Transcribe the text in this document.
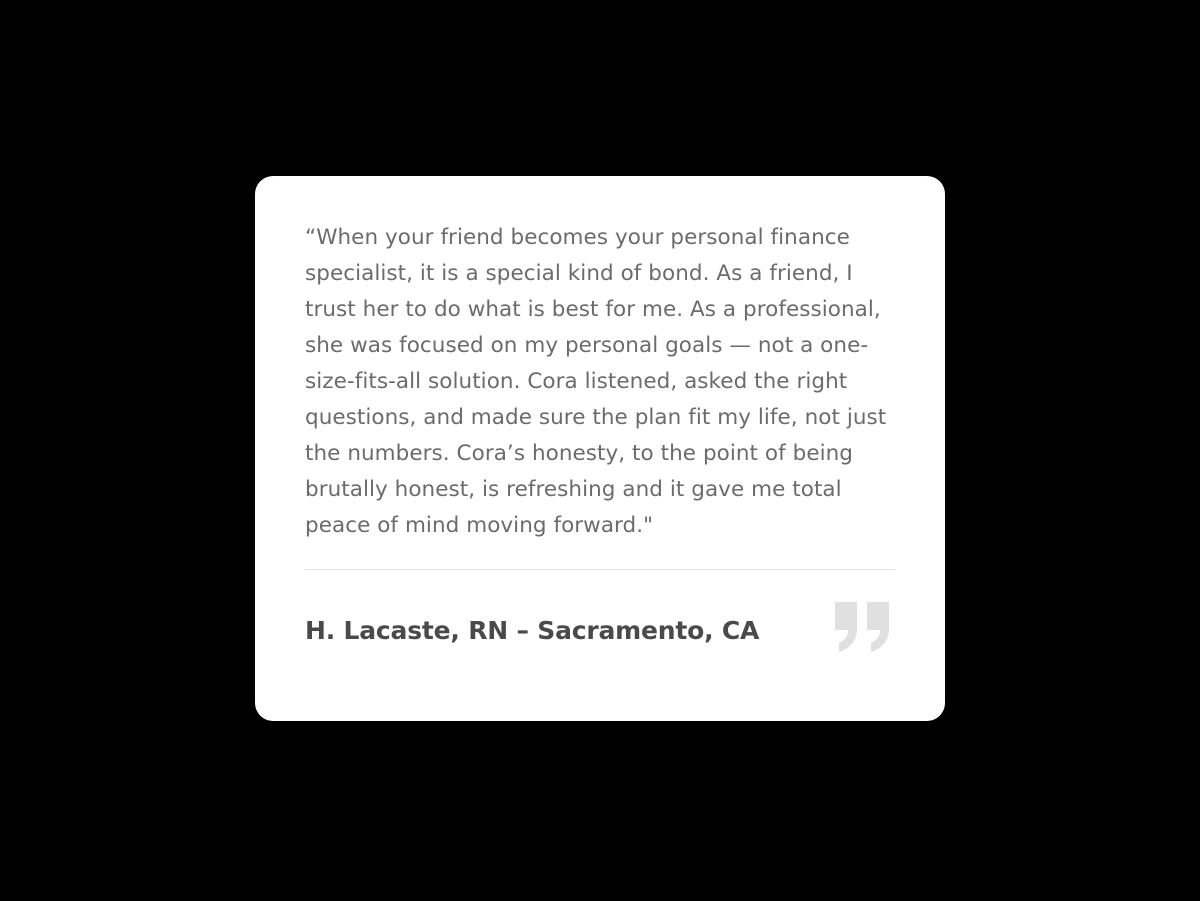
“When your friend becomes your personal finance specialist, it is a special kind of bond. As a friend, I trust her to do what is best for me. As a professional, she was focused on my personal goals — not a one-size-fits-all solution. Cora listened, asked the right questions, and made sure the plan fit my life, not just the numbers. Cora’s honesty, to the point of being brutally honest, is refreshing and it gave me total peace of mind moving forward."

H. Lacaste, RN – Sacramento, CA
